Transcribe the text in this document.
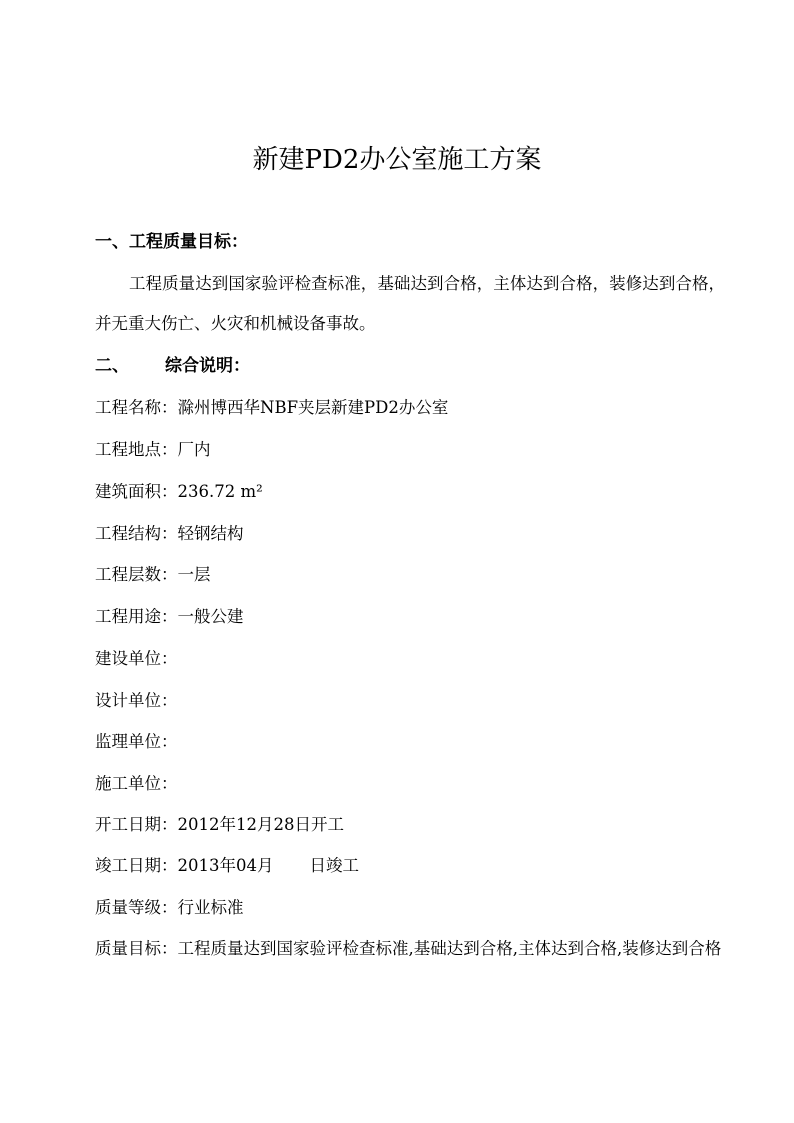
新建PD2办公室施工方案
一、工程质量目标：

工程质量达到国家验评检查标准，基础达到合格，主体达到合格，装修达到合格，并无重大伤亡、火灾和机械设备事故。

二、 综合说明：

工程名称：滁州博西华NBF夹层新建PD2办公室

工程地点：厂内

建筑面积：236.72 m²

工程结构：轻钢结构

工程层数：一层

工程用途：一般公建

建设单位：

设计单位：

监理单位：

施工单位：

开工日期：2012年12月28日开工

竣工日期：2013年04月 日竣工

质量等级：行业标准

质量目标：工程质量达到国家验评检查标准,基础达到合格,主体达到合格,装修达到合格
